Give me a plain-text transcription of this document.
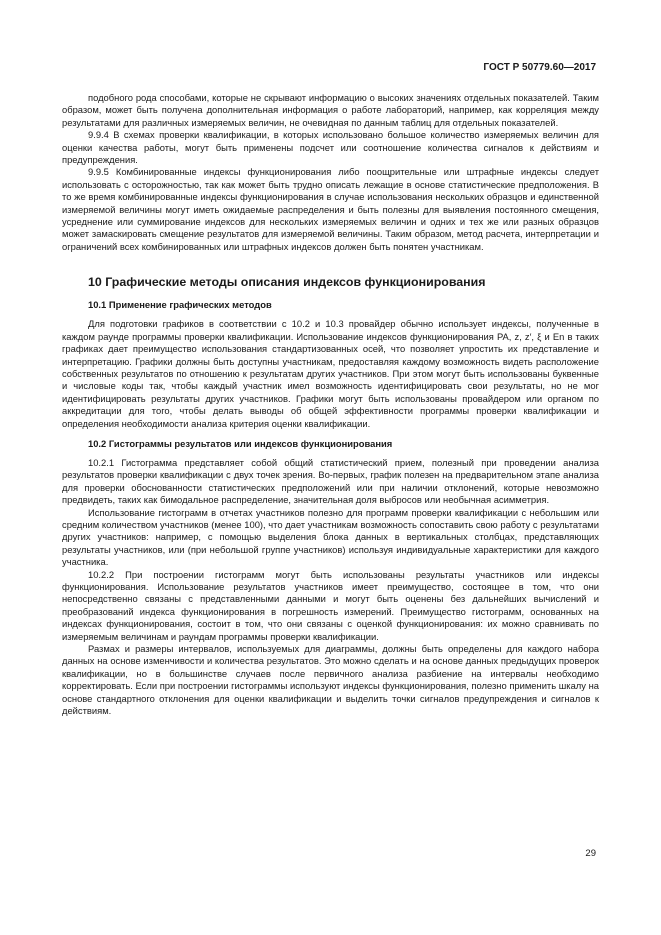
ГОСТ Р 50779.60—2017

подобного рода способами, которые не скрывают информацию о высоких значениях отдельных показателей. Таким образом, может быть получена дополнительная информация о работе лабораторий, например, как корреляция между результатами для различных измеряемых величин, не очевидная по данным таблиц для отдельных показателей.

9.9.4 В схемах проверки квалификации, в которых использовано большое количество измеряемых величин для оценки качества работы, могут быть применены подсчет или соотношение количества сигналов к действиям и предупреждения.

9.9.5 Комбинированные индексы функционирования либо поощрительные или штрафные индексы следует использовать с осторожностью, так как может быть трудно описать лежащие в основе статистические предположения. В то же время комбинированные индексы функционирования в случае использования нескольких образцов и единственной измеряемой величины могут иметь ожидаемые распределения и быть полезны для выявления постоянного смещения, усреднение или суммирование индексов для нескольких измеряемых величин и одних и тех же или разных образцов может замаскировать смещение результатов для измеряемой величины. Таким образом, метод расчета, интерпретации и ограничений всех комбинированных или штрафных индексов должен быть понятен участникам.

10 Графические методы описания индексов функционирования
10.1 Применение графических методов

Для подготовки графиков в соответствии с 10.2 и 10.3 провайдер обычно использует индексы, полученные в каждом раунде программы проверки квалификации. Использование индексов функционирования PA, z, z′, ξ и En в таких графиках дает преимущество использования стандартизованных осей, что позволяет упростить их представление и интерпретацию. Графики должны быть доступны участникам, предоставляя каждому возможность видеть расположение собственных результатов по отношению к результатам других участников. При этом могут быть использованы буквенные и числовые коды так, чтобы каждый участник имел возможность идентифицировать свои результаты, но не мог идентифицировать результаты других участников. Графики могут быть использованы провайдером или органом по аккредитации для того, чтобы делать выводы об общей эффективности программы проверки квалификации и определения необходимости анализа критерия оценки квалификации.

10.2 Гистограммы результатов или индексов функционирования

10.2.1 Гистограмма представляет собой общий статистический прием, полезный при проведении анализа результатов проверки квалификации с двух точек зрения. Во-первых, график полезен на предварительном этапе анализа для проверки обоснованности статистических предположений или при наличии отклонений, которые невозможно предвидеть, таких как бимодальное распределение, значительная доля выбросов или необычная асимметрия.

Использование гистограмм в отчетах участников полезно для программ проверки квалификации с небольшим или средним количеством участников (менее 100), что дает участникам возможность сопоставить свою работу с результатами других участников: например, с помощью выделения блока данных в вертикальных столбцах, представляющих результаты участников, или (при небольшой группе участников) используя индивидуальные характеристики для каждого участника.

10.2.2 При построении гистограмм могут быть использованы результаты участников или индексы функционирования. Использование результатов участников имеет преимущество, состоящее в том, что они непосредственно связаны с представленными данными и могут быть оценены без дальнейших вычислений и преобразований индекса функционирования в погрешность измерений. Преимущество гистограмм, основанных на индексах функционирования, состоит в том, что они связаны с оценкой функционирования: их можно сравнивать по измеряемым величинам и раундам программы проверки квалификации.

Размах и размеры интервалов, используемых для диаграммы, должны быть определены для каждого набора данных на основе изменчивости и количества результатов. Это можно сделать и на основе данных предыдущих проверок квалификации, но в большинстве случаев после первичного анализа разбиение на интервалы необходимо корректировать. Если при построении гистограммы используют индексы функционирования, полезно применить шкалу на основе стандартного отклонения для оценки квалификации и выделить точки сигналов предупреждения и сигналов к действиям.

29
